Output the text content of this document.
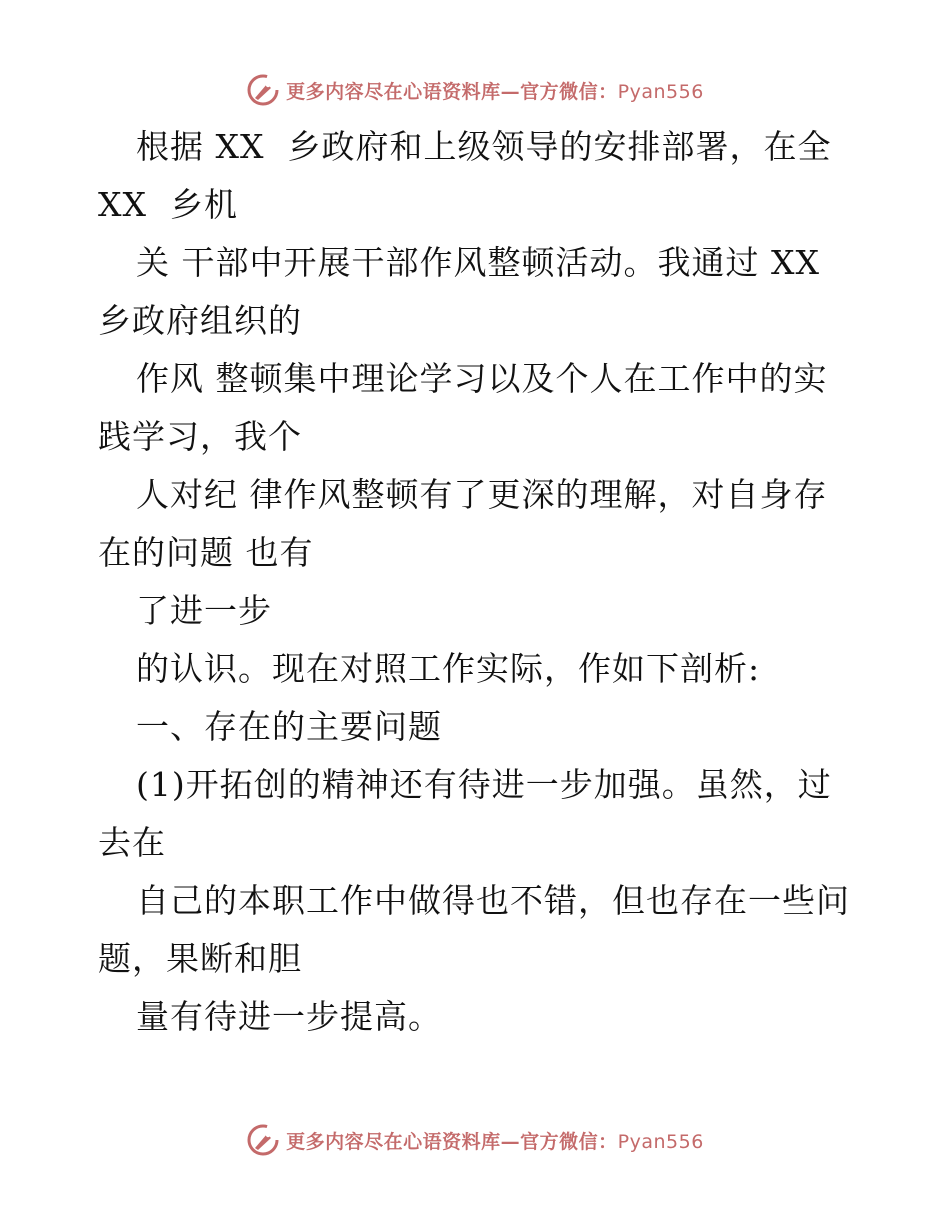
更多内容尽在心语资料库—官方微信：Pyan556
根据 XX  乡政府和上级领导的安排部署，在全
XX  乡机
关 干部中开展干部作风整顿活动。我通过 XX
乡政府组织的
作风 整顿集中理论学习以及个人在工作中的实
践学习，我个
人对纪 律作风整顿有了更深的理解，对自身存
在的问题 也有
了进一步
的认识。现在对照工作实际，作如下剖析:
一、存在的主要问题
(1)开拓创的精神还有待进一步加强。虽然，过
去在
自己的本职工作中做得也不错，但也存在一些问
题，果断和胆
量有待进一步提高。
更多内容尽在心语资料库—官方微信：Pyan556
